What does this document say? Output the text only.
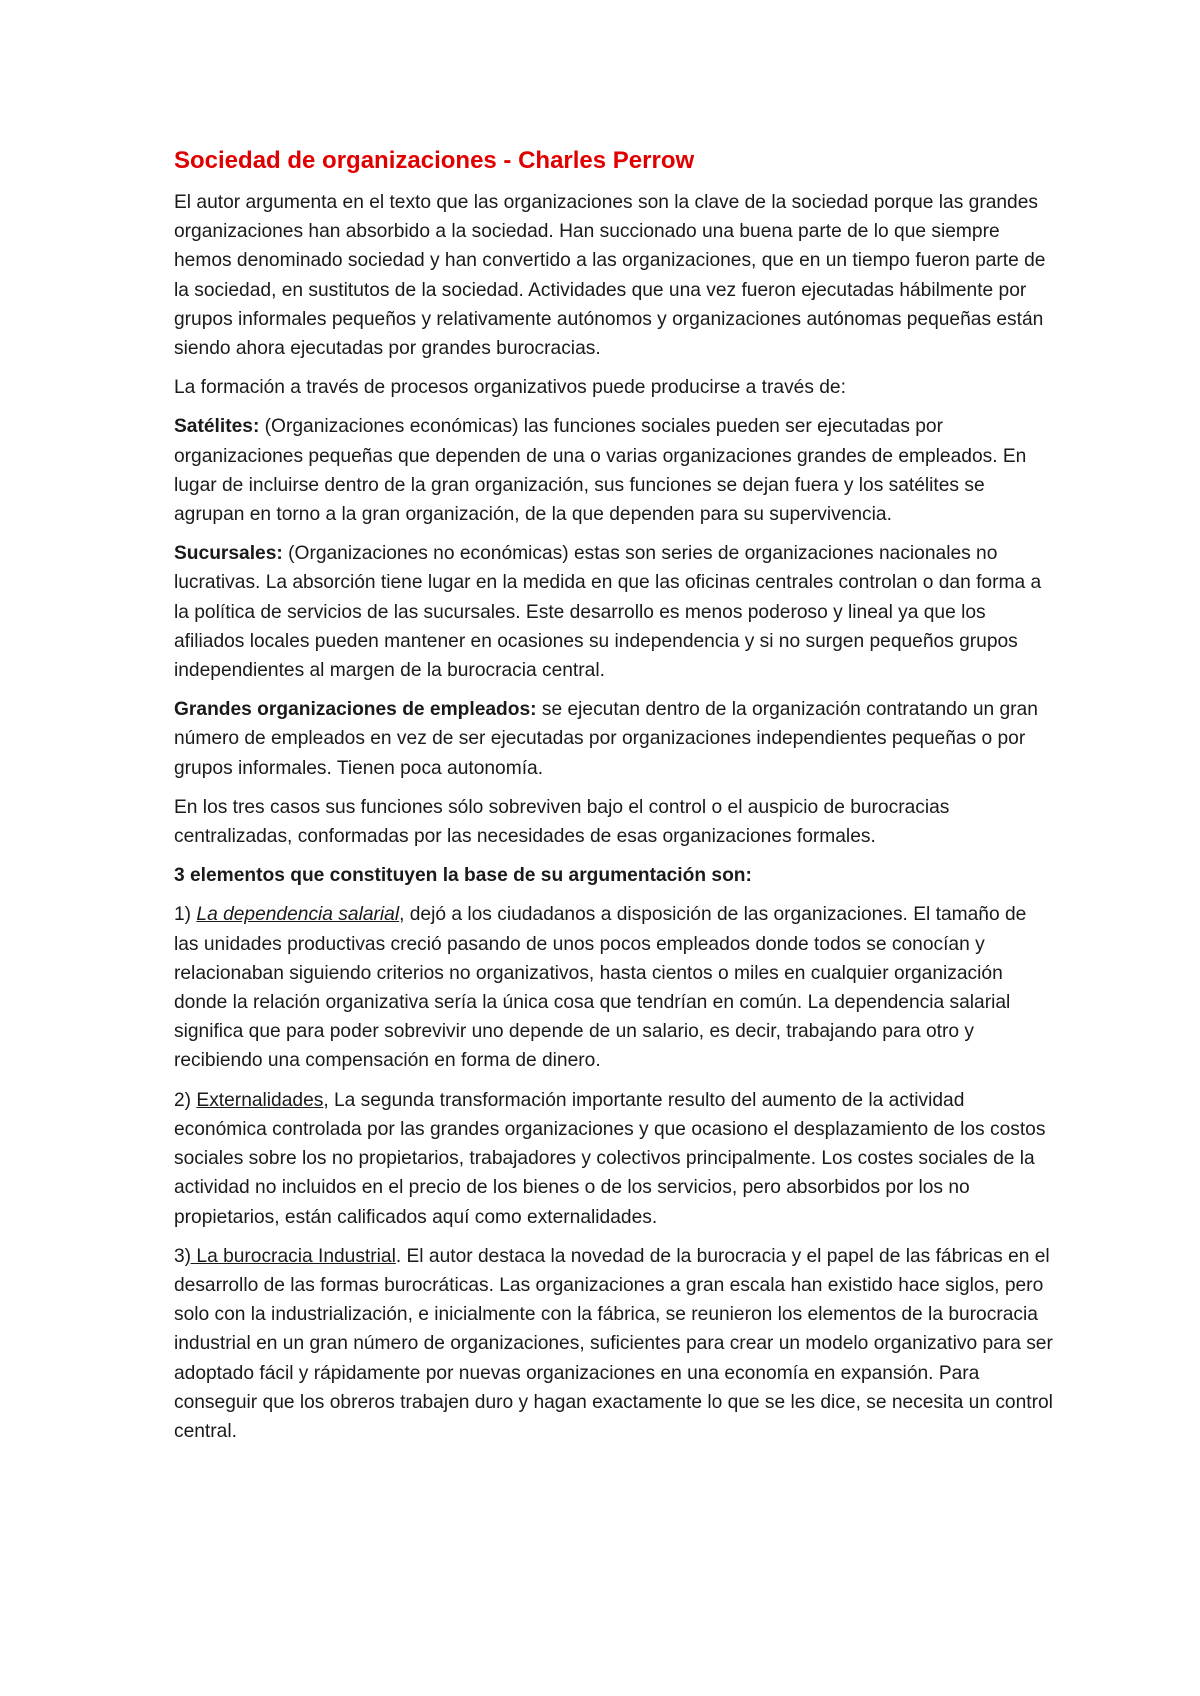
Sociedad de organizaciones - Charles Perrow

El autor argumenta en el texto que las organizaciones son la clave de la sociedad porque las grandes organizaciones han absorbido a la sociedad. Han succionado una buena parte de lo que siempre hemos denominado sociedad y han convertido a las organizaciones, que en un tiempo fueron parte de la sociedad, en sustitutos de la sociedad. Actividades que una vez fueron ejecutadas hábilmente por grupos informales pequeños y relativamente autónomos y organizaciones autónomas pequeñas están siendo ahora ejecutadas por grandes burocracias.

La formación a través de procesos organizativos puede producirse a través de:

Satélites: (Organizaciones económicas) las funciones sociales pueden ser ejecutadas por organizaciones pequeñas que dependen de una o varias organizaciones grandes de empleados. En lugar de incluirse dentro de la gran organización, sus funciones se dejan fuera y los satélites se agrupan en torno a la gran organización, de la que dependen para su supervivencia.

Sucursales: (Organizaciones no económicas) estas son series de organizaciones nacionales no lucrativas. La absorción tiene lugar en la medida en que las oficinas centrales controlan o dan forma a la política de servicios de las sucursales. Este desarrollo es menos poderoso y lineal ya que los afiliados locales pueden mantener en ocasiones su independencia y si no surgen pequeños grupos independientes al margen de la burocracia central.

Grandes organizaciones de empleados: se ejecutan dentro de la organización contratando un gran número de empleados en vez de ser ejecutadas por organizaciones independientes pequeñas o por grupos informales. Tienen poca autonomía.

En los tres casos sus funciones sólo sobreviven bajo el control o el auspicio de burocracias centralizadas, conformadas por las necesidades de esas organizaciones formales.

3 elementos que constituyen la base de su argumentación son:

1) La dependencia salarial, dejó a los ciudadanos a disposición de las organizaciones. El tamaño de las unidades productivas creció pasando de unos pocos empleados donde todos se conocían y relacionaban siguiendo criterios no organizativos, hasta cientos o miles en cualquier organización donde la relación organizativa sería la única cosa que tendrían en común. La dependencia salarial significa que para poder sobrevivir uno depende de un salario, es decir, trabajando para otro y recibiendo una compensación en forma de dinero.

2) Externalidades, La segunda transformación importante resulto del aumento de la actividad económica controlada por las grandes organizaciones y que ocasiono el desplazamiento de los costos sociales sobre los no propietarios, trabajadores y colectivos principalmente. Los costes sociales de la actividad no incluidos en el precio de los bienes o de los servicios, pero absorbidos por los no propietarios, están calificados aquí como externalidades.

3) La burocracia Industrial. El autor destaca la novedad de la burocracia y el papel de las fábricas en el desarrollo de las formas burocráticas. Las organizaciones a gran escala han existido hace siglos, pero solo con la industrialización, e inicialmente con la fábrica, se reunieron los elementos de la burocracia industrial en un gran número de organizaciones, suficientes para crear un modelo organizativo para ser adoptado fácil y rápidamente por nuevas organizaciones en una economía en expansión. Para conseguir que los obreros trabajen duro y hagan exactamente lo que se les dice, se necesita un control central.
